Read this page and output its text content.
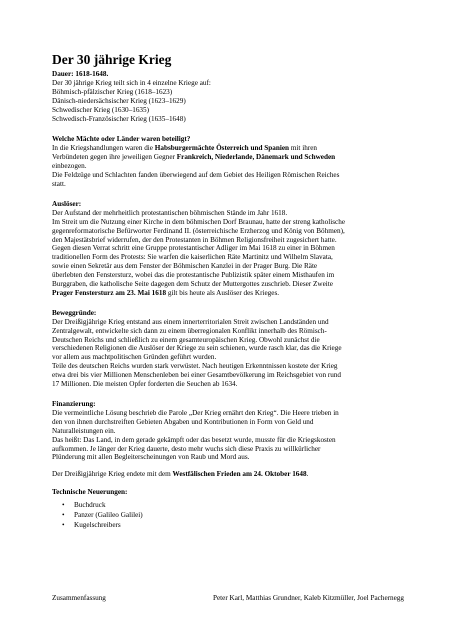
Der 30 jährige Krieg
Dauer: 1618-1648.
Der 30 jährige Krieg teilt sich in 4 einzelne Kriege auf:
Böhmisch-pfälzischer Krieg (1618–1623)
Dänisch-niedersächsischer Krieg (1623–1629)
Schwedischer Krieg (1630–1635)
Schwedisch-Französischer Krieg (1635–1648)
Welche Mächte oder Länder waren beteiligt?
In die Kriegshandlungen waren die Habsburgermächte Österreich und Spanien mit ihren
Verbündeten gegen ihre jeweiligen Gegner Frankreich, Niederlande, Dänemark und Schweden
einbezogen.
Die Feldzüge und Schlachten fanden überwiegend auf dem Gebiet des Heiligen Römischen Reiches
statt.
Auslöser:
Der Aufstand der mehrheitlich protestantischen böhmischen Stände im Jahr 1618.
Im Streit um die Nutzung einer Kirche in dem böhmischen Dorf Braunau, hatte der streng katholische
gegenreformatorische Befürworter Ferdinand II. (österreichische Erzherzog und König von Böhmen),
den Majestätsbrief widerrufen, der den Protestanten in Böhmen Religionsfreiheit zugesichert hatte.
Gegen diesen Verrat schritt eine Gruppe protestantischer Adliger im Mai 1618 zu einer in Böhmen
traditionellen Form des Protests: Sie warfen die kaiserlichen Räte Martinitz und Wilhelm Slavata,
sowie einen Sekretär aus dem Fenster der Böhmischen Kanzlei in der Prager Burg. Die Räte
überlebten den Fenstersturz, wobei das die protestantische Publizistik später einem Misthaufen im
Burggraben, die katholische Seite dagegen dem Schutz der Muttergottes zuschrieb. Dieser Zweite
Prager Fenstersturz am 23. Mai 1618 gilt bis heute als Auslöser des Krieges.
Beweggründe:
Der Dreißigjährige Krieg entstand aus einem innerterritorialen Streit zwischen Landständen und
Zentralgewalt, entwickelte sich dann zu einem überregionalen Konflikt innerhalb des Römisch-
Deutschen Reichs und schließlich zu einem gesamteuropäischen Krieg. Obwohl zunächst die
verschiedenen Religionen die Auslöser der Kriege zu sein schienen, wurde rasch klar, das die Kriege
vor allem aus machtpolitischen Gründen geführt wurden.
Teile des deutschen Reichs wurden stark verwüstet. Nach heutigen Erkenntnissen kostete der Krieg
etwa drei bis vier Millionen Menschenleben bei einer Gesamtbevölkerung im Reichsgebiet von rund
17 Millionen. Die meisten Opfer forderten die Seuchen ab 1634.
Finanzierung:
Die vermeintliche Lösung beschrieb die Parole „Der Krieg ernährt den Krieg“. Die Heere trieben in
den von ihnen durchstreiften Gebieten Abgaben und Kontributionen in Form von Geld und
Naturalleistungen ein.
Das heißt: Das Land, in dem gerade gekämpft oder das besetzt wurde, musste für die Kriegskosten
aufkommen. Je länger der Krieg dauerte, desto mehr wuchs sich diese Praxis zu willkürlicher
Plünderung mit allen Begleiterscheinungen von Raub und Mord aus.
Der Dreißigjährige Krieg endete mit dem Westfälischen Frieden am 24. Oktober 1648.
Technische Neuerungen:
• Buchdruck
• Panzer (Galileo Galilei)
• Kugelschreibers
Zusammenfassung	Peter Karl, Matthias Grundner, Kaleb Kitzmüller, Joel Pachernegg
